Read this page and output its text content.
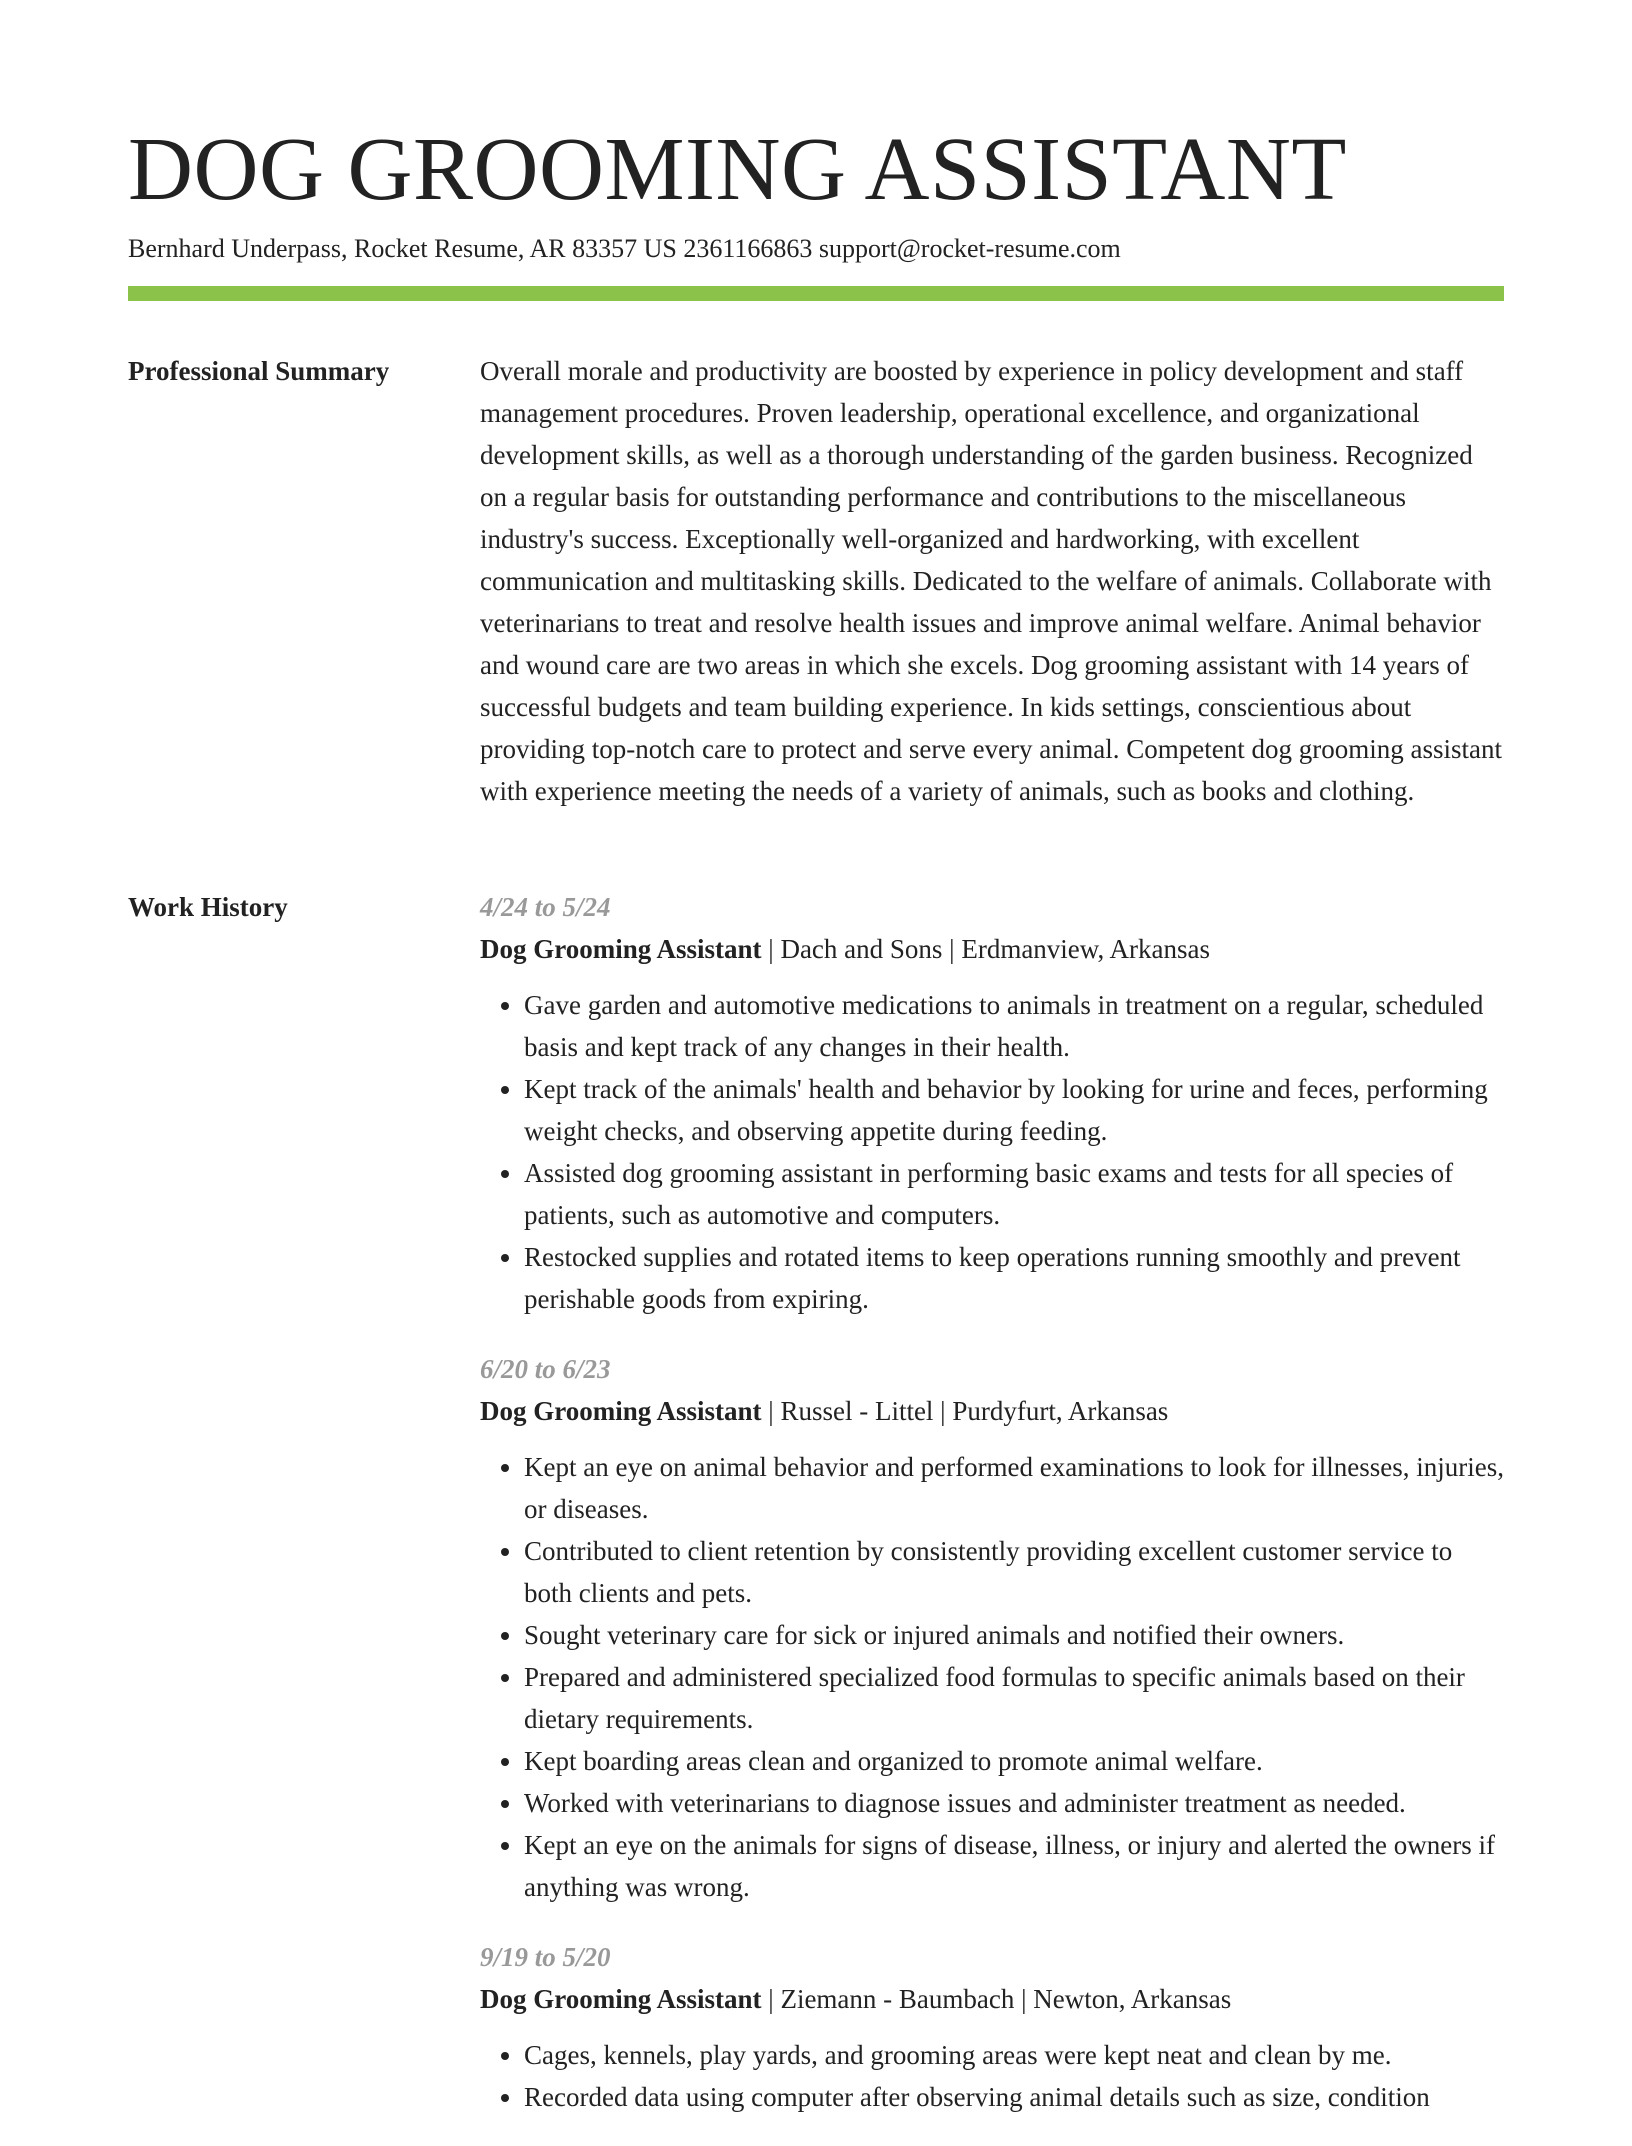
DOG GROOMING ASSISTANT
Bernhard Underpass, Rocket Resume, AR 83357 US 2361166863 support@rocket-resume.com
Professional Summary	Overall morale and productivity are boosted by experience in policy development and staff management procedures. Proven leadership, operational excellence, and organizational development skills, as well as a thorough understanding of the garden business. Recognized on a regular basis for outstanding performance and contributions to the miscellaneous industry's success. Exceptionally well-organized and hardworking, with excellent communication and multitasking skills. Dedicated to the welfare of animals. Collaborate with veterinarians to treat and resolve health issues and improve animal welfare. Animal behavior and wound care are two areas in which she excels. Dog grooming assistant with 14 years of successful budgets and team building experience. In kids settings, conscientious about providing top-notch care to protect and serve every animal. Competent dog grooming assistant with experience meeting the needs of a variety of animals, such as books and clothing.

Work History	4/24 to 5/24
Dog Grooming Assistant | Dach and Sons | Erdmanview, Arkansas
• Gave garden and automotive medications to animals in treatment on a regular, scheduled basis and kept track of any changes in their health.
• Kept track of the animals' health and behavior by looking for urine and feces, performing weight checks, and observing appetite during feeding.
• Assisted dog grooming assistant in performing basic exams and tests for all species of patients, such as automotive and computers.
• Restocked supplies and rotated items to keep operations running smoothly and prevent perishable goods from expiring.
6/20 to 6/23
Dog Grooming Assistant | Russel - Littel | Purdyfurt, Arkansas
• Kept an eye on animal behavior and performed examinations to look for illnesses, injuries, or diseases.
• Contributed to client retention by consistently providing excellent customer service to both clients and pets.
• Sought veterinary care for sick or injured animals and notified their owners.
• Prepared and administered specialized food formulas to specific animals based on their dietary requirements.
• Kept boarding areas clean and organized to promote animal welfare.
• Worked with veterinarians to diagnose issues and administer treatment as needed.
• Kept an eye on the animals for signs of disease, illness, or injury and alerted the owners if anything was wrong.
9/19 to 5/20
Dog Grooming Assistant | Ziemann - Baumbach | Newton, Arkansas
• Cages, kennels, play yards, and grooming areas were kept neat and clean by me.
• Recorded data using computer after observing animal details such as size, condition
